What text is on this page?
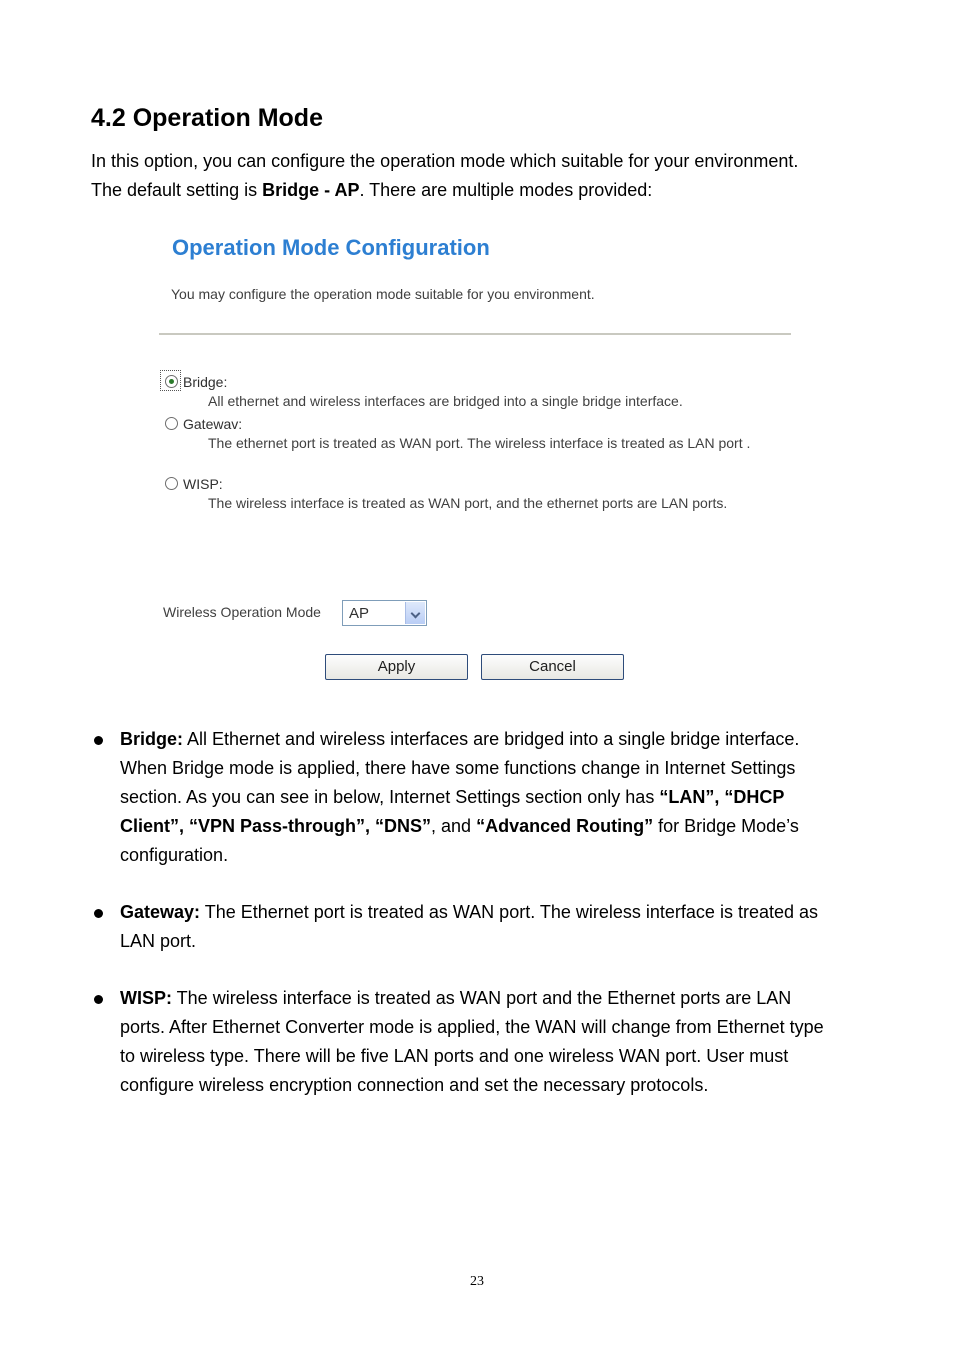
4.2 Operation Mode
In this option, you can configure the operation mode which suitable for your environment.
The default setting is Bridge - AP. There are multiple modes provided:
Operation Mode Configuration
You may configure the operation mode suitable for you environment.
Bridge:
All ethernet and wireless interfaces are bridged into a single bridge interface.
Gatewav:
The ethernet port is treated as WAN port. The wireless interface is treated as LAN port .
WISP:
The wireless interface is treated as WAN port, and the ethernet ports are LAN ports.
Wireless Operation Mode AP
Apply	Cancel
Bridge: All Ethernet and wireless interfaces are bridged into a single bridge interface.
When Bridge mode is applied, there have some functions change in Internet Settings
section. As you can see in below, Internet Settings section only has “LAN”, “DHCP
Client”, “VPN Pass-through”, “DNS”, and “Advanced Routing” for Bridge Mode’s
configuration.
Gateway: The Ethernet port is treated as WAN port. The wireless interface is treated as
LAN port.
WISP: The wireless interface is treated as WAN port and the Ethernet ports are LAN
ports. After Ethernet Converter mode is applied, the WAN will change from Ethernet type
to wireless type. There will be five LAN ports and one wireless WAN port. User must
configure wireless encryption connection and set the necessary protocols.
23
